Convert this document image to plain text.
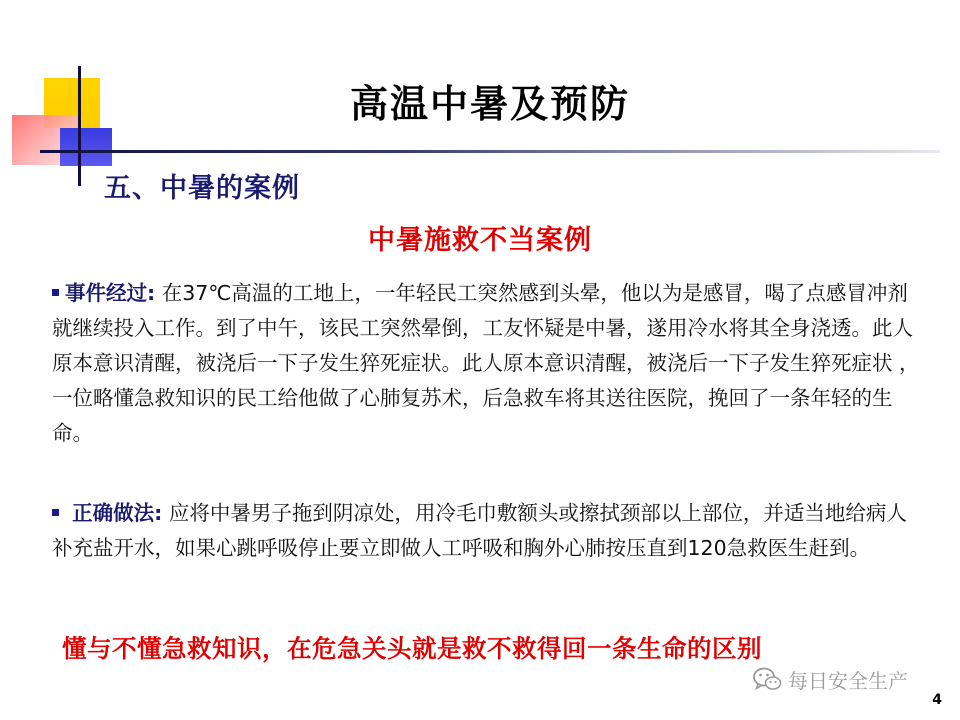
高温中暑及预防
五、中暑的案例
中暑施救不当案例
事件经过: 在37℃高温的工地上，一年轻民工突然感到头晕，他以为是感冒，喝了点感冒冲剂就继续投入工作。到了中午，该民工突然晕倒，工友怀疑是中暑，遂用冷水将其全身浇透。此人原本意识清醒，被浇后一下子发生猝死症状。此人原本意识清醒，被浇后一下子发生猝死症状 ，一位略懂急救知识的民工给他做了心肺复苏术，后急救车将其送往医院，挽回了一条年轻的生命。
正确做法: 应将中暑男子拖到阴凉处，用冷毛巾敷额头或擦拭颈部以上部位，并适当地给病人补充盐开水，如果心跳呼吸停止要立即做人工呼吸和胸外心肺按压直到120急救医生赶到。
懂与不懂急救知识，在危急关头就是救不救得回一条生命的区别
每日安全生产
4
